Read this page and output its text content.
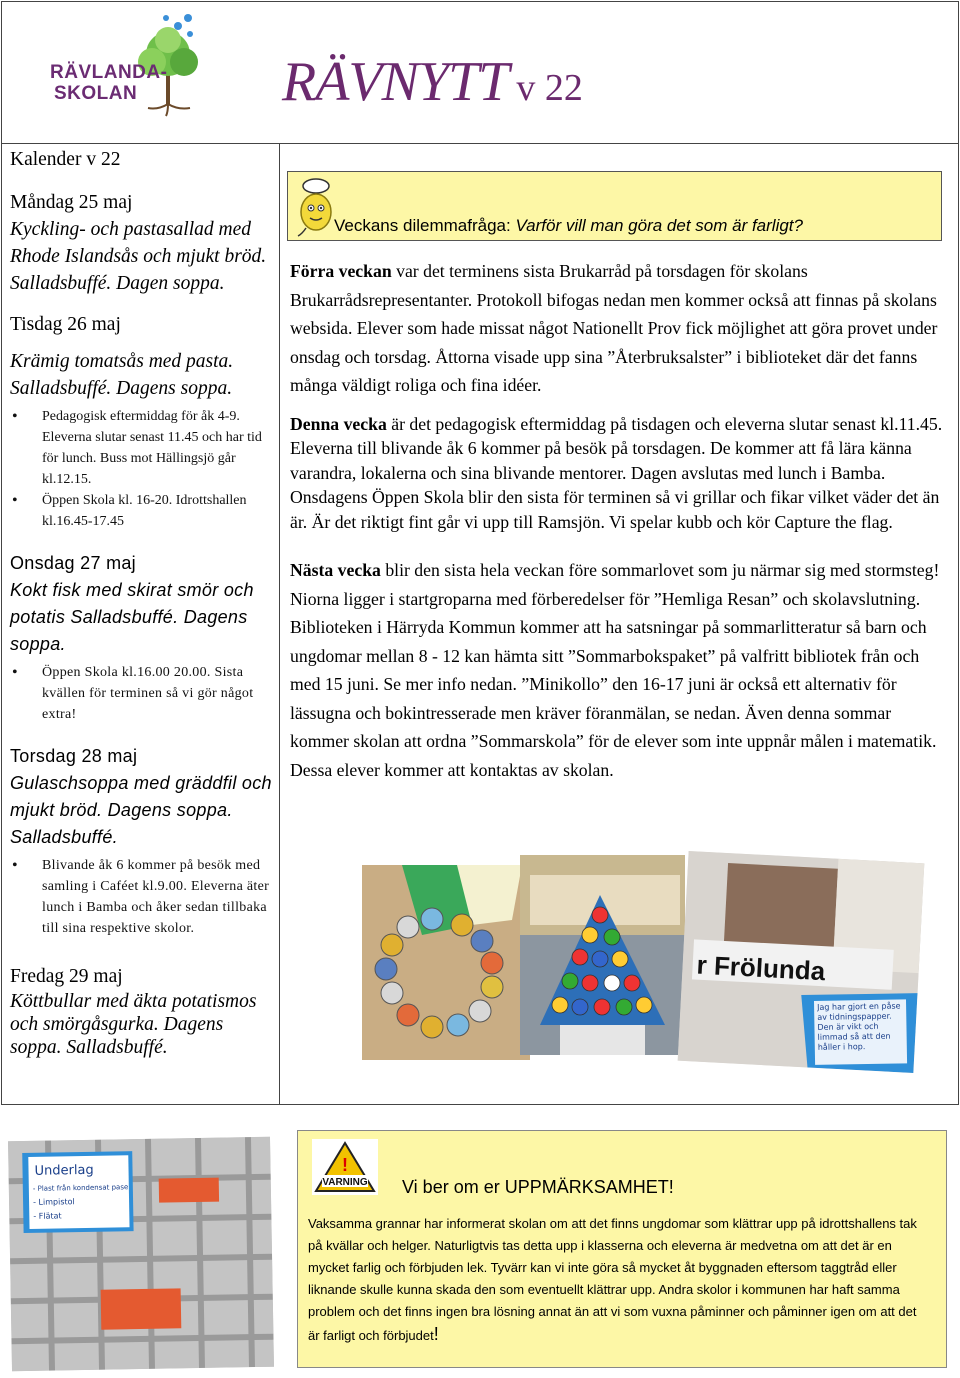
RÄVLANDA-
SKOLAN	RÄVNYTT v 22
Kalender v 22
Måndag 25 maj

Kyckling- och pastasallad med Rhode Islandsås och mjukt bröd. Salladsbuffé. Dagen soppa.

Tisdag 26 maj

Krämig tomatsås med pasta. Salladsbuffé. Dagens soppa.

• Pedagogisk eftermiddag för åk 4-9. Eleverna slutar senast 11.45 och har tid för lunch. Buss mot Hällingsjö går kl.12.15.
• Öppen Skola kl. 16-20. Idrottshallen kl.16.45-17.45
Onsdag 27 maj

Kokt fisk med skirat smör och potatis Salladsbuffé. Dagens soppa.

• Öppen Skola kl.16.00 20.00. Sista kvällen för terminen så vi gör något extra!
Torsdag 28 maj

Gulaschsoppa med gräddfil och mjukt bröd. Dagens soppa. Salladsbuffé.

• Blivande åk 6 kommer på besök med samling i Caféet kl.9.00. Eleverna äter lunch i Bamba och åker sedan tillbaka till sina respektive skolor.
Fredag 29 maj

Köttbullar med äkta potatismos och smörgåsgurka. Dagens soppa. Salladsbuffé.

Veckans dilemmafråga: Varför vill man göra det som är farligt?

Förra veckan var det terminens sista Brukarråd på torsdagen för skolans Brukarrådsrepresentanter. Protokoll bifogas nedan men kommer också att finnas på skolans websida. Elever som hade missat något Nationellt Prov fick möjlighet att göra provet under onsdag och torsdag. Åttorna visade upp sina ”Återbruksalster” i biblioteket där det fanns många väldigt roliga och fina idéer.

Denna vecka är det pedagogisk eftermiddag på tisdagen och eleverna slutar senast kl.11.45. Eleverna till blivande åk 6 kommer på besök på torsdagen. De kommer att få lära känna varandra, lokalerna och sina blivande mentorer. Dagen avslutas med lunch i Bamba. Onsdagens Öppen Skola blir den sista för terminen så vi grillar och fikar vilket väder det än är. Är det riktigt fint går vi upp till Ramsjön. Vi spelar kubb och kör Capture the flag.

Nästa vecka blir den sista hela veckan före sommarlovet som ju närmar sig med stormsteg! Niorna ligger i startgroparna med förberedelser för ”Hemliga Resan” och skolavslutning. Biblioteken i Härryda Kommun kommer att ha satsningar på sommarlitteratur så barn och ungdomar mellan 8 - 12 kan hämta sitt ”Sommarbokspaket” på valfritt bibliotek från och med 15 juni. Se mer info nedan. ”Minikollo” den 16-17 juni är också ett alternativ för lässugna och bokintresserade men kräver föranmälan, se nedan. Även denna sommar kommer skolan att ordna ”Sommarskola” för de elever som inte uppnår målen i matematik. Dessa elever kommer att kontaktas av skolan.

r Frölunda
Jag har gjort en påse av tidningspapper. Den är vikt och limmad så att den håller i hop.
Underlag
- Plast från kondensat pase
- Limpistol
- Flätat
VARNING
!
Vi ber om er UPPMÄRKSAMHET!
Vaksamma grannar har informerat skolan om att det finns ungdomar som klättrar upp på idrottshallens tak på kvällar och helger. Naturligtvis tas detta upp i klasserna och eleverna är medvetna om att det är en mycket farlig och förbjuden lek. Tyvärr kan vi inte göra så mycket åt byggnaden eftersom taggtråd eller liknande skulle kunna skada den som eventuellt klättrar upp. Andra skolor i kommunen har haft samma problem och det finns ingen bra lösning annat än att vi som vuxna påminner och påminner igen om att det är farligt och förbjudet!
